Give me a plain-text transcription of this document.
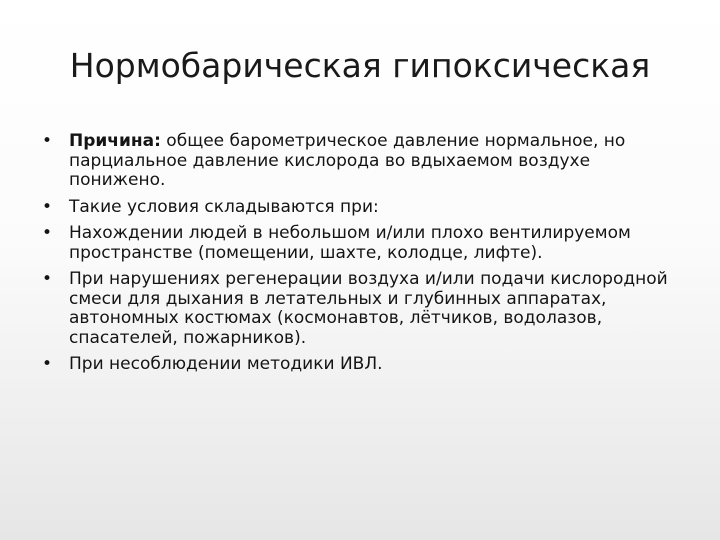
Нормобарическая гипоксическая
• Причина: общее барометрическое давление нормальное, но парциальное давление кислорода во вдыхаемом воздухе понижено.
• Такие условия складываются при:
• Нахождении людей в небольшом и/или плохо вентилируемом пространстве (помещении, шахте, колодце, лифте).
• При нарушениях регенерации воздуха и/или подачи кислородной смеси для дыхания в летательных и глубинных аппаратах, автономных костюмах (космонавтов, лётчиков, водолазов, спасателей, пожарников).
• При несоблюдении методики ИВЛ.
